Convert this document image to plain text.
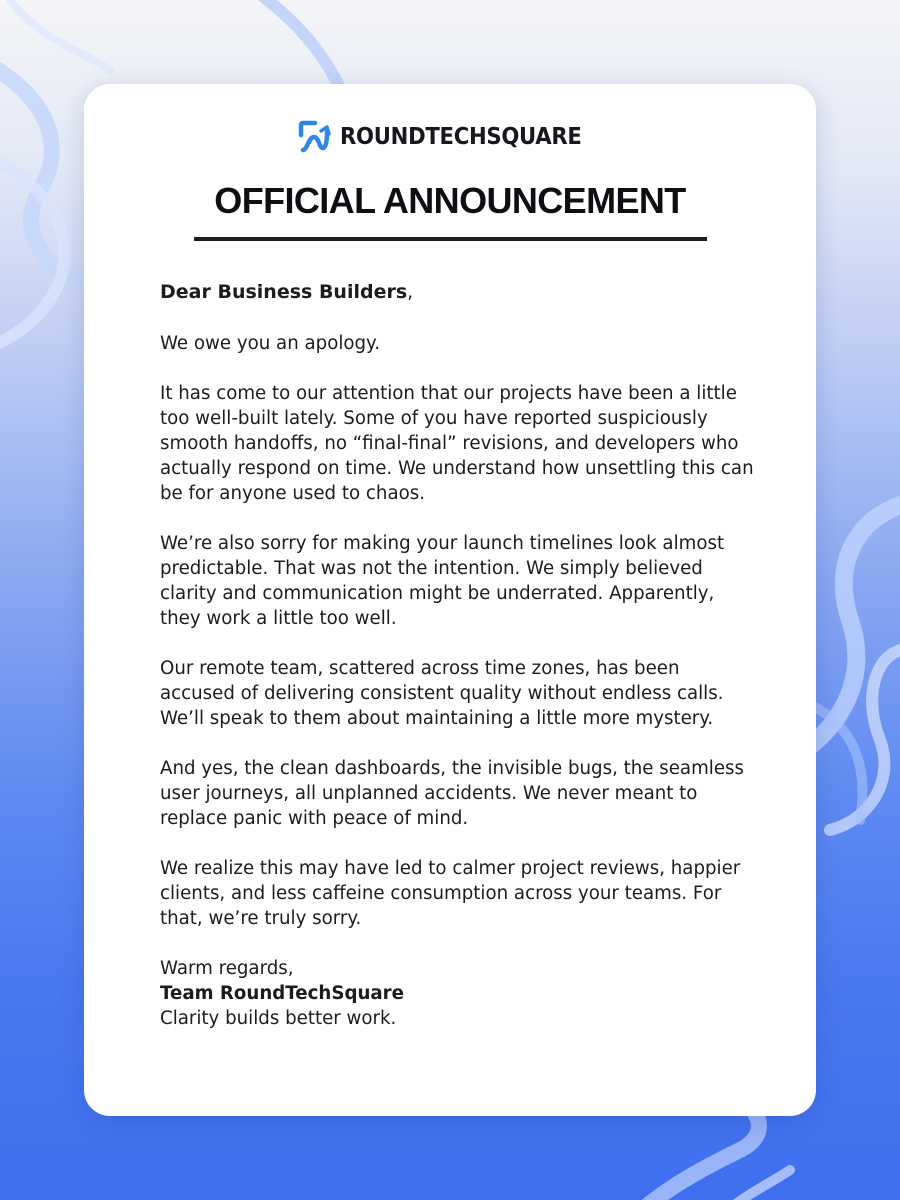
ROUNDTECHSQUARE
OFFICIAL ANNOUNCEMENT

Dear Business Builders,

We owe you an apology.

It has come to our attention that our projects have been a little too well-built lately. Some of you have reported suspiciously smooth handoffs, no “final-final” revisions, and developers who actually respond on time. We understand how unsettling this can be for anyone used to chaos.

We’re also sorry for making your launch timelines look almost predictable. That was not the intention. We simply believed clarity and communication might be underrated. Apparently, they work a little too well.

Our remote team, scattered across time zones, has been accused of delivering consistent quality without endless calls. We’ll speak to them about maintaining a little more mystery.

And yes, the clean dashboards, the invisible bugs, the seamless user journeys, all unplanned accidents. We never meant to replace panic with peace of mind.

We realize this may have led to calmer project reviews, happier clients, and less caffeine consumption across your teams. For that, we’re truly sorry.

Warm regards,

Team RoundTechSquare

Clarity builds better work.
